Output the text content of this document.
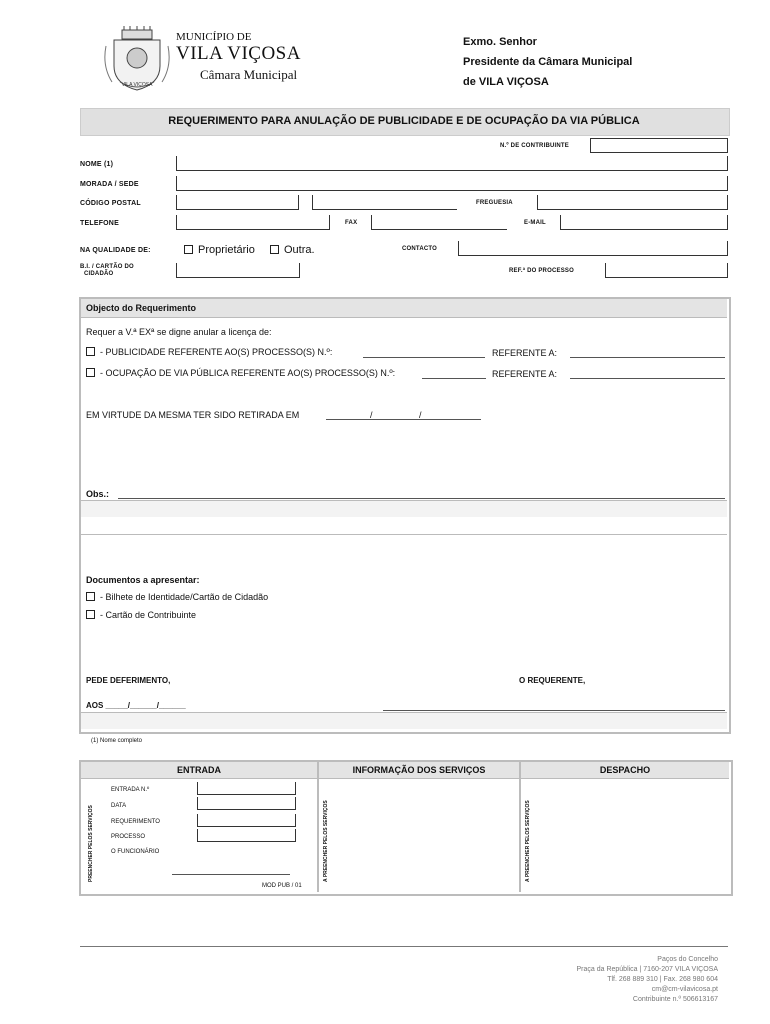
VILA VIÇOSA
MUNICÍPIO DE
VILA VIÇOSA
Câmara Municipal
Exmo. Senhor
Presidente da Câmara Municipal
de VILA VIÇOSA
REQUERIMENTO PARA ANULAÇÃO DE PUBLICIDADE E DE OCUPAÇÃO DA VIA PÚBLICA
N.º DE CONTRIBUINTE
NOME (1)
MORADA / SEDE
CÓDIGO POSTAL	FREGUESIA
TELEFONE	FAX	E-MAIL
NA QUALIDADE DE:	Proprietário	Outra.	CONTACTO
B.I. / CARTÃO DO
CIDADÃO	REF.ª DO PROCESSO
Objecto do Requerimento
Requer a V.ª EXª se digne anular a licença de:
- PUBLICIDADE REFERENTE AO(S) PROCESSO(S) N.º:	REFERENTE A:
- OCUPAÇÃO DE VIA PÚBLICA REFERENTE AO(S) PROCESSO(S) N.º:	REFERENTE A:
EM VIRTUDE DA MESMA TER SIDO RETIRADA EM	/	/
Obs.:
Documentos a apresentar:
- Bilhete de Identidade/Cartão de Cidadão
- Cartão de Contribuinte
PEDE DEFERIMENTO,	O REQUERENTE,
AOS _____/______/______
(1) Nome completo
ENTRADA	INFORMAÇÃO DOS SERVIÇOS	DESPACHO
PREENCHER PELOS SERVIÇOS	A PREENCHER PELOS SERVIÇOS	A PREENCHER PELOS SERVIÇOS
ENTRADA N.º
DATA
REQUERIMENTO
PROCESSO
O FUNCIONÁRIO
MOD PUB / 01
Paços do Concelho
Praça da República | 7160-207 VILA VIÇOSA
Tlf. 268 889 310 | Fax. 268 980 604
cm@cm-vilavicosa.pt
Contribuinte n.º 506613167
